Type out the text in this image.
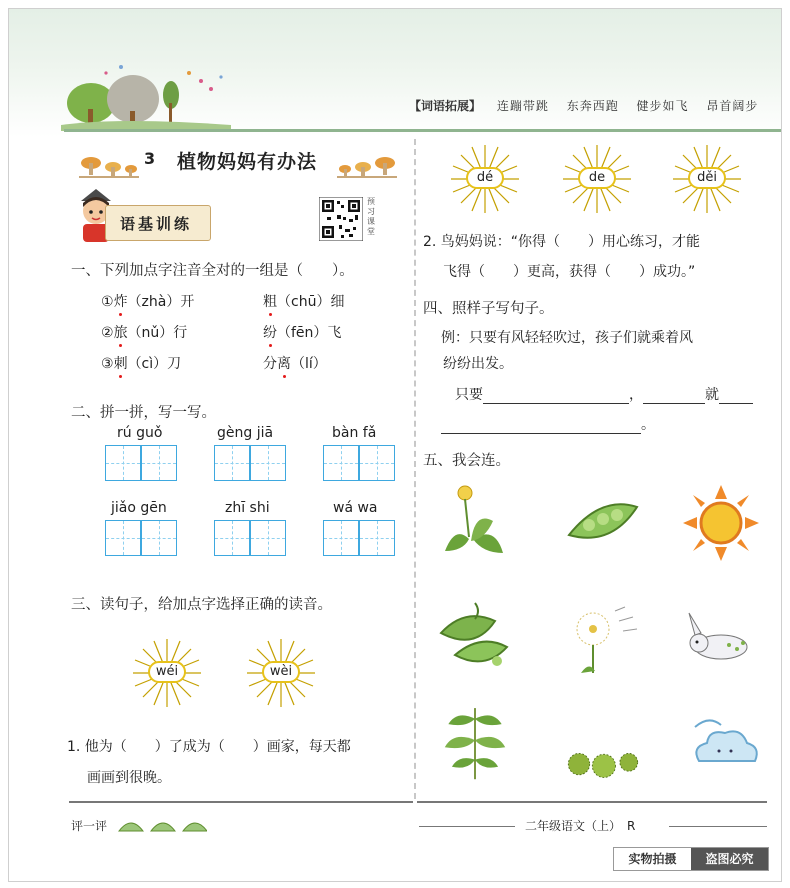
【词语拓展】 连蹦带跳 东奔西跑 健步如飞 昂首阔步
3 植物妈妈有办法
语基训练
预习课堂
一、下列加点字注音全对的一组是（　　）。
①炸（zhà）开	粗（chū）细
②旅（nǔ）行	纷（fēn）飞
③刺（cì）刀	分离（lí）
二、拼一拼，写一写。
rú guǒ	gèng jiā	bàn fǎ
jiǎo gēn	zhī shi	wá wa
三、读句子，给加点字选择正确的读音。
wéi	wèi
1. 他为（　　）了成为（　　）画家，每天都
画画到很晚。
dé	de	děi
2. 鸟妈妈说：“你得（　　）用心练习，才能
飞得（　　）更高，获得（　　）成功。”
四、照样子写句子。
例：只要有风轻轻吹过，孩子们就乘着风
纷纷出发。
只要	，	就
。
五、我会连。
评一评	二年级语文（上）　R
实物拍摄	盗图必究
